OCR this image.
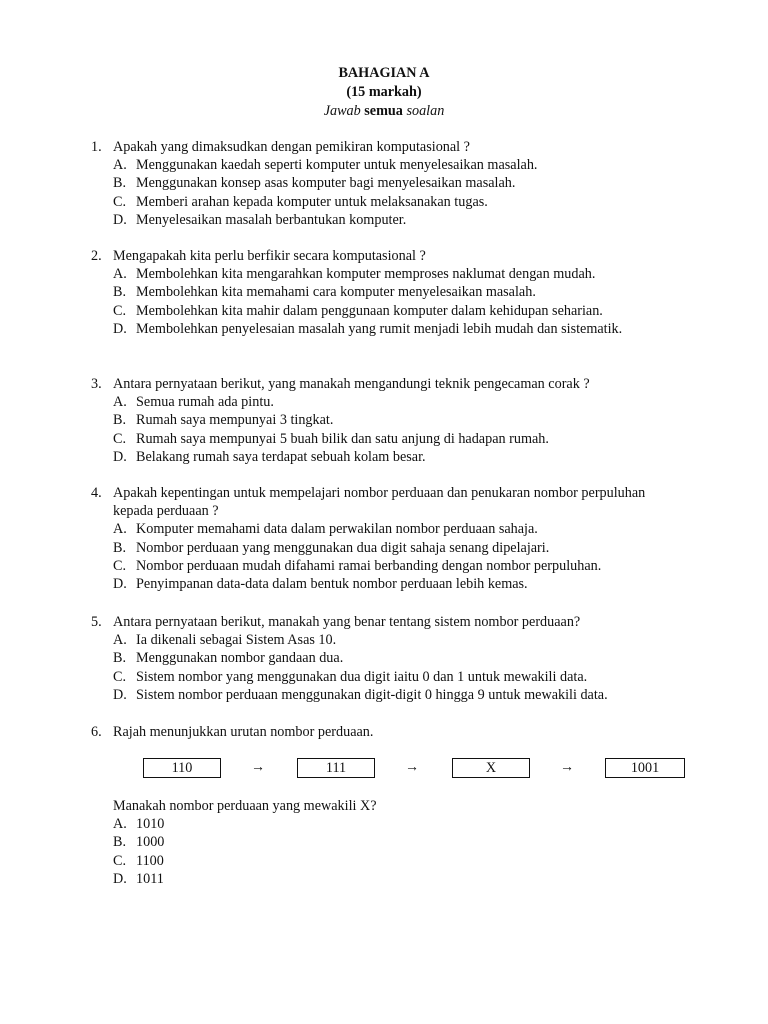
BAHAGIAN A
(15 markah)
Jawab semua soalan
1. Apakah yang dimaksudkan dengan pemikiran komputasional ?
A. Menggunakan kaedah seperti komputer untuk menyelesaikan masalah.
B. Menggunakan konsep asas komputer bagi menyelesaikan masalah.
C. Memberi arahan kepada komputer untuk melaksanakan tugas.
D. Menyelesaikan masalah berbantukan komputer.
2. Mengapakah kita perlu berfikir secara komputasional ?
A. Membolehkan kita mengarahkan komputer memproses naklumat dengan mudah.
B. Membolehkan kita memahami cara komputer menyelesaikan masalah.
C. Membolehkan kita mahir dalam penggunaan komputer dalam kehidupan seharian.
D. Membolehkan penyelesaian masalah yang rumit menjadi lebih mudah dan sistematik.
3. Antara pernyataan berikut, yang manakah mengandungi teknik pengecaman corak ?
A. Semua rumah ada pintu.
B. Rumah saya mempunyai 3 tingkat.
C. Rumah saya mempunyai 5 buah bilik dan satu anjung di hadapan rumah.
D. Belakang rumah saya terdapat sebuah kolam besar.
4. Apakah kepentingan untuk mempelajari nombor perduaan dan penukaran nombor perpuluhan kepada perduaan ?
A. Komputer memahami data dalam perwakilan nombor perduaan sahaja.
B. Nombor perduaan yang menggunakan dua digit sahaja senang dipelajari.
C. Nombor perduaan mudah difahami ramai berbanding dengan nombor perpuluhan.
D. Penyimpanan data-data dalam bentuk nombor perduaan lebih kemas.
5. Antara pernyataan berikut, manakah yang benar tentang sistem nombor perduaan?
A. Ia dikenali sebagai Sistem Asas 10.
B. Menggunakan nombor gandaan dua.
C. Sistem nombor yang menggunakan dua digit iaitu 0 dan 1 untuk mewakili data.
D. Sistem nombor perduaan menggunakan digit-digit 0 hingga 9 untuk mewakili data.
6. Rajah menunjukkan urutan nombor perduaan.
110	→	111	→	X	→	1001
Manakah nombor perduaan yang mewakili X?
A. 1010
B. 1000
C. 1100
D. 1011
